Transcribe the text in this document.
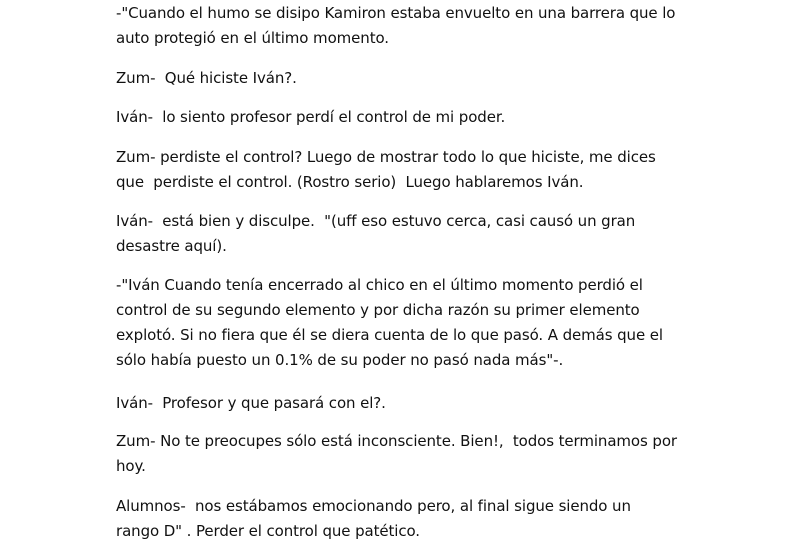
-"Cuando el humo se disipo Kamiron estaba envuelto en una barrera que lo
auto protegió en el último momento.

Zum-  Qué hiciste Iván?.

Iván-  lo siento profesor perdí el control de mi poder.

Zum- perdiste el control? Luego de mostrar todo lo que hiciste, me dices
que  perdiste el control. (Rostro serio)  Luego hablaremos Iván.

Iván-  está bien y disculpe.  "(uff eso estuvo cerca, casi causó un gran
desastre aquí).

-"Iván Cuando tenía encerrado al chico en el último momento perdió el
control de su segundo elemento y por dicha razón su primer elemento
explotó. Si no fiera que él se diera cuenta de lo que pasó. A demás que el
sólo había puesto un 0.1% de su poder no pasó nada más"-.

Iván-  Profesor y que pasará con el?.

Zum- No te preocupes sólo está inconsciente. Bien!,  todos terminamos por
hoy.

Alumnos-  nos estábamos emocionando pero, al final sigue siendo un
rango D" . Perder el control que patético.
